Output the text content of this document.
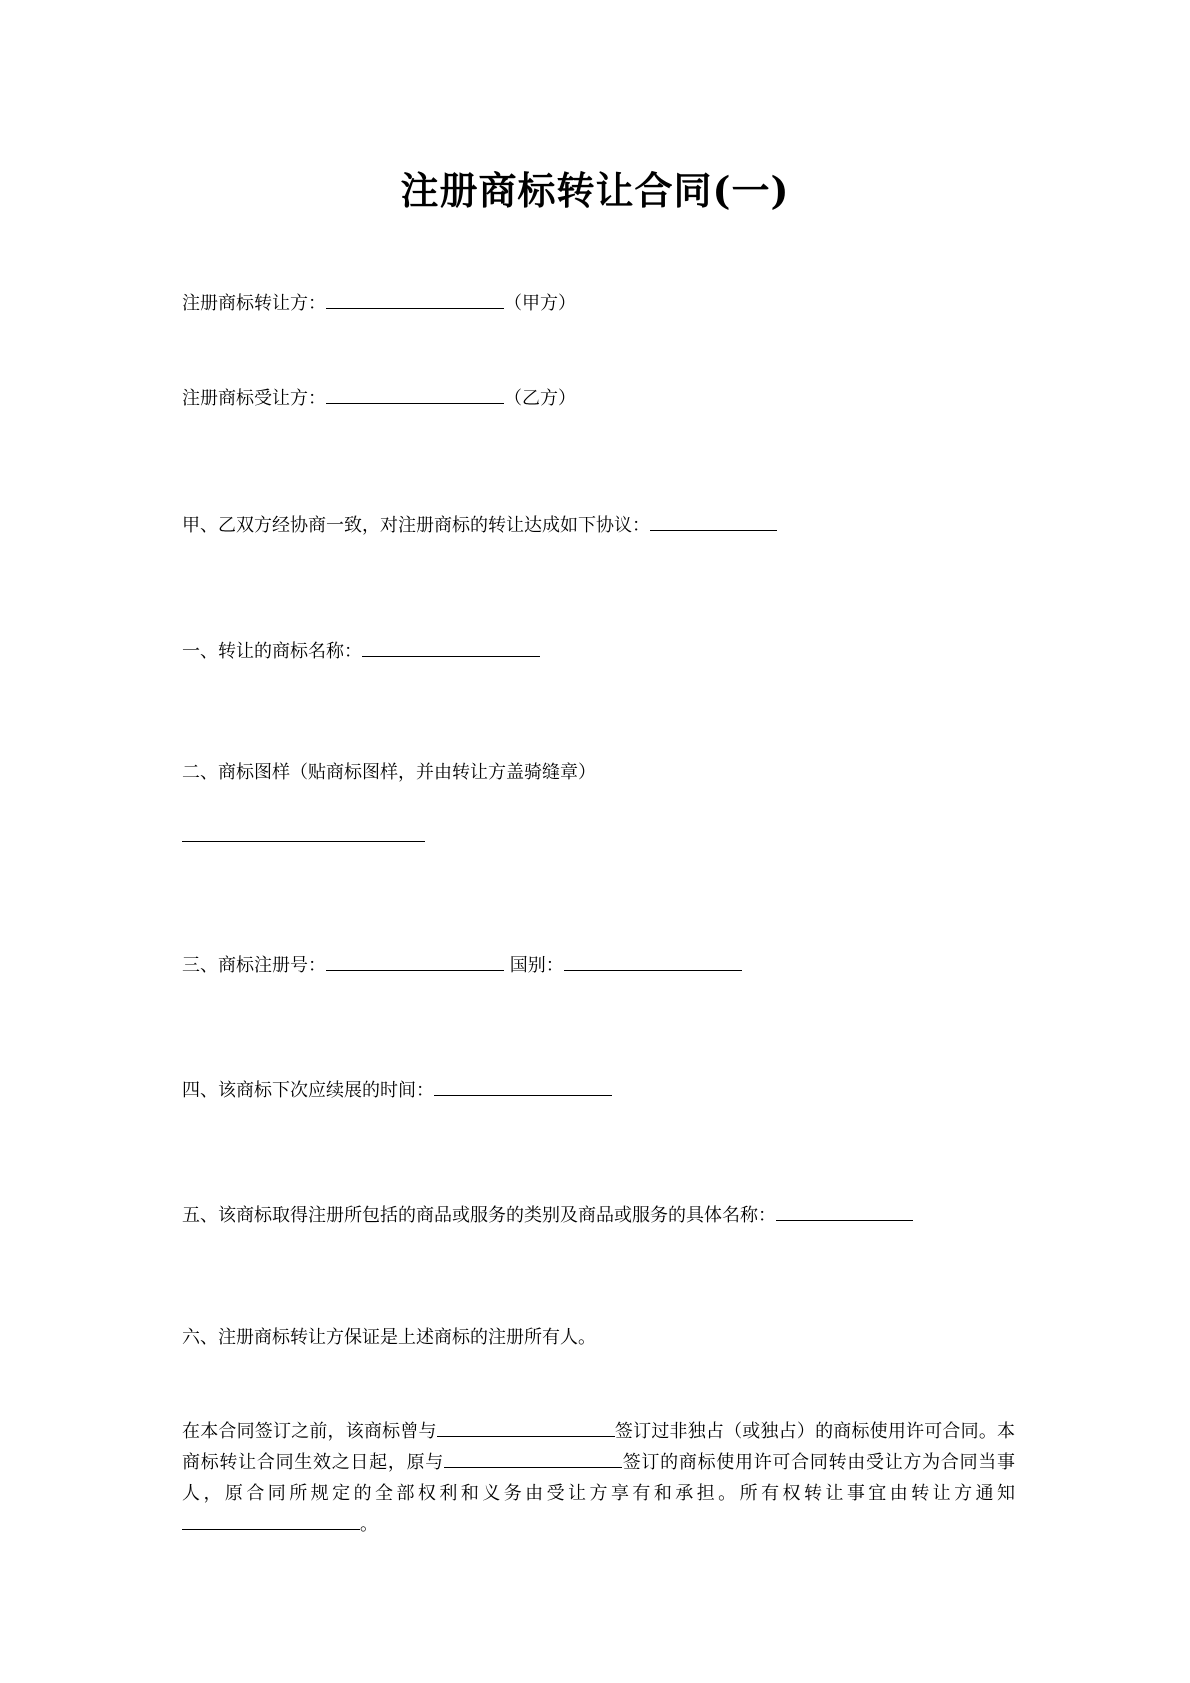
注册商标转让合同(一)
注册商标转让方：	（甲方）
注册商标受让方：	（乙方）
甲、乙双方经协商一致，对注册商标的转让达成如下协议：
一、转让的商标名称：
二、商标图样（贴商标图样，并由转让方盖骑缝章）
三、商标注册号：	国别：
四、该商标下次应续展的时间：
五、该商标取得注册所包括的商品或服务的类别及商品或服务的具体名称：
六、注册商标转让方保证是上述商标的注册所有人。
在本合同签订之前，该商标曾与	签订过非独占（或独占）的商标使用许可合同。本商标转让合同生效之日起，原与	签订的商标使用许可合同转由受让方为合同当事人，原合同所规定的全部权利和义务由受让方享有和承担。所有权转让事宜由转让方通知。
